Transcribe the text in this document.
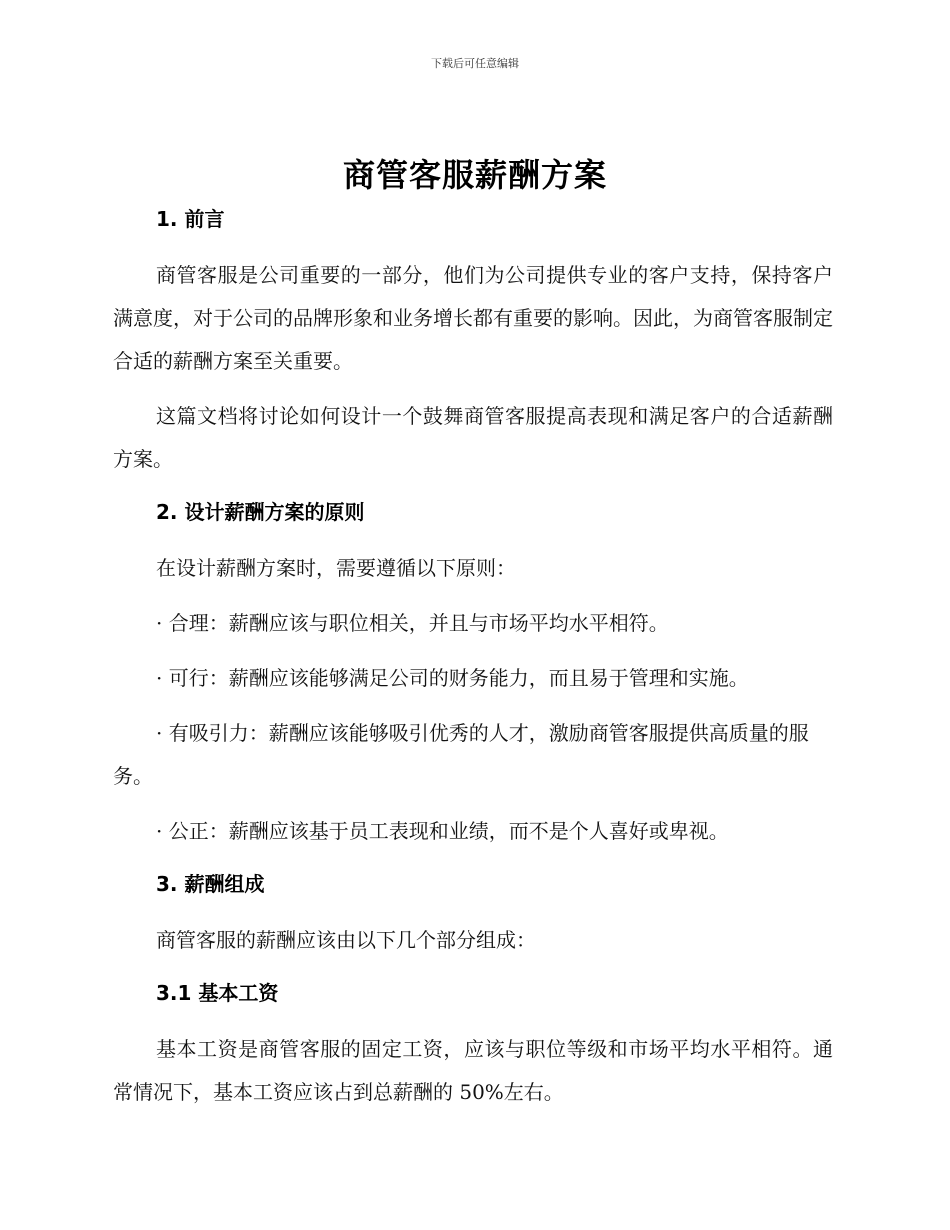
下载后可任意编辑
商管客服薪酬方案
1. 前言

商管客服是公司重要的一部分，他们为公司提供专业的客户支持，保持客户满意度，对于公司的品牌形象和业务增长都有重要的影响。因此，为商管客服制定合适的薪酬方案至关重要。

这篇文档将讨论如何设计一个鼓舞商管客服提高表现和满足客户的合适薪酬方案。

2. 设计薪酬方案的原则

在设计薪酬方案时，需要遵循以下原则：

· 合理：薪酬应该与职位相关，并且与市场平均水平相符。

· 可行：薪酬应该能够满足公司的财务能力，而且易于管理和实施。

· 有吸引力：薪酬应该能够吸引优秀的人才，激励商管客服提供高质量的服务。

· 公正：薪酬应该基于员工表现和业绩，而不是个人喜好或卑视。

3. 薪酬组成

商管客服的薪酬应该由以下几个部分组成：

3.1 基本工资

基本工资是商管客服的固定工资，应该与职位等级和市场平均水平相符。通常情况下，基本工资应该占到总薪酬的 50%左右。
